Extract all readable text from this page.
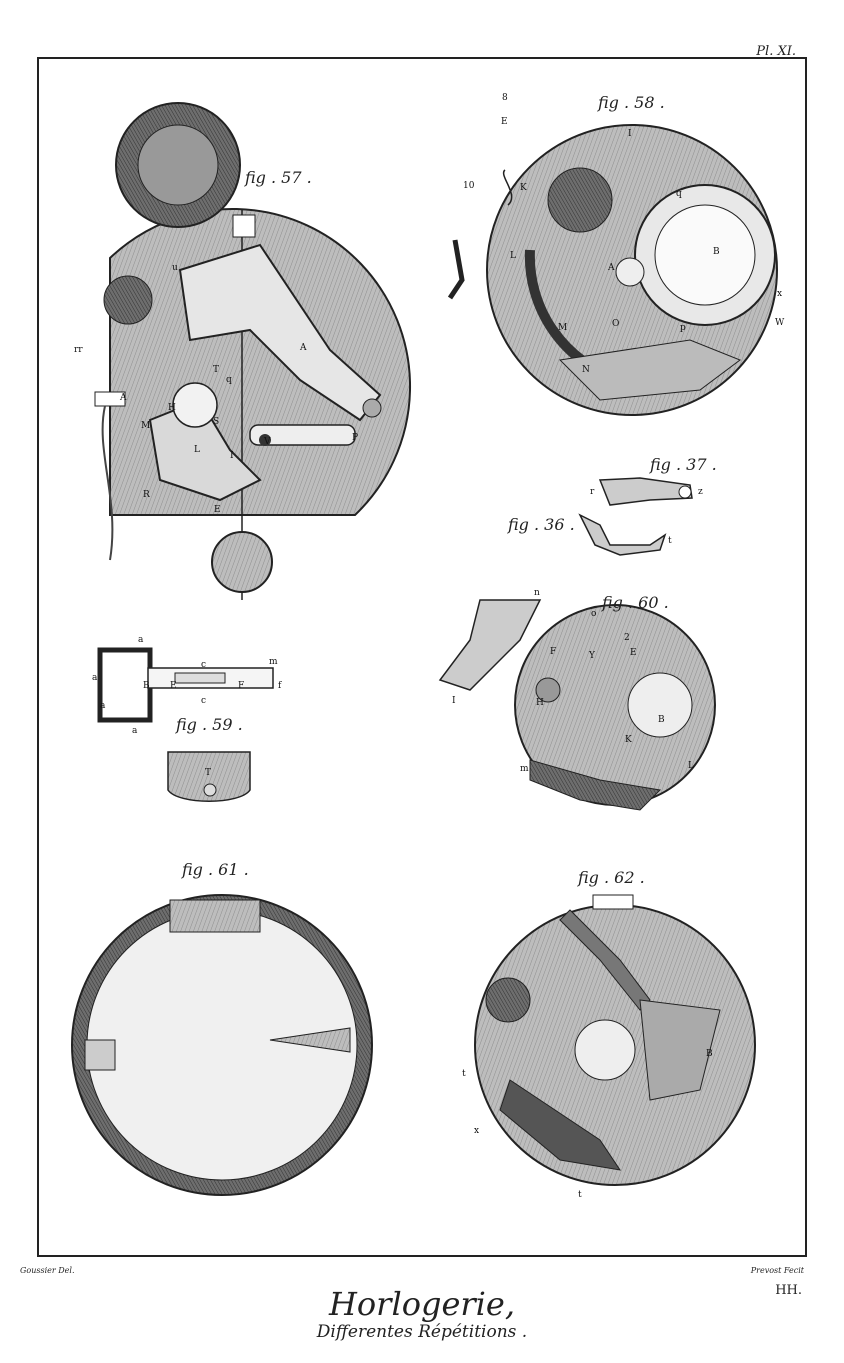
Pl. XI.
fig . 57 .
A
A
T
H
S
V	P
L
I
M
R
E
q
u
rr
fig . 58 .
K
L
A
B
M
N
O	p
x
W
q
I
10
8
E
fig . 37 .
fig . 36 .
r	z
t
fig . 60 .
n
o
F	Y	E
B
H
K
L
m
I
2
fig . 59 .
a
a
a
a
B
c
c
E	F
m
f
T
fig . 61 .	fig . 62 .
B
t
x
t
Goussier Del.	Prevost Fecit
Horlogerie,	HH.
Differentes Répétitions .
